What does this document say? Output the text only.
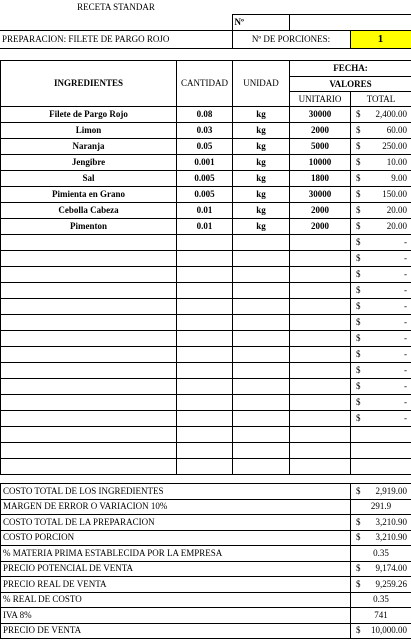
RECETA STANDAR			
	Nº		
PREPARACION: FILETE DE PARGO ROJO	Nº DE PORCIONES:		1

INGREDIENTES	CANTIDAD	UNIDAD	FECHA:	
			VALORES	
			UNITARIO	TOTAL
Filete de Pargo Rojo	0.08	kg	30000	$ 2,400.00

Limon	0.03	kg	2000	$ 60.00

Naranja	0.05	kg	5000	$ 250.00

Jengibre	0.001	kg	10000	$ 10.00

Sal	0.005	kg	1800	$ 9.00

Pimienta en Grano	0.005	kg	30000	$ 150.00

Cebolla Cabeza	0.01	kg	2000	$ 20.00

Pimenton	0.01	kg	2000	$ 20.00

				$ -

				$ -

				$ -

				$ -

				$ -

				$ -

				$ -

				$ -

				$ -

				$ -

				$ -

				$ -

COSTO TOTAL DE LOS INGREDIENTES	$ 2,919.00

MARGEN DE ERROR O VARIACION 10%	291.9
COSTO TOTAL DE LA PREPARACION	$ 3,210.90

COSTO PORCION	$ 3,210.90

% MATERIA PRIMA ESTABLECIDA POR LA EMPRESA	0.35
PRECIO POTENCIAL DE VENTA	$ 9,174.00

PRECIO REAL DE VENTA	$ 9,259.26

% REAL DE COSTO	0.35
IVA 8%	741
PRECIO DE VENTA	$ 10,000.00
